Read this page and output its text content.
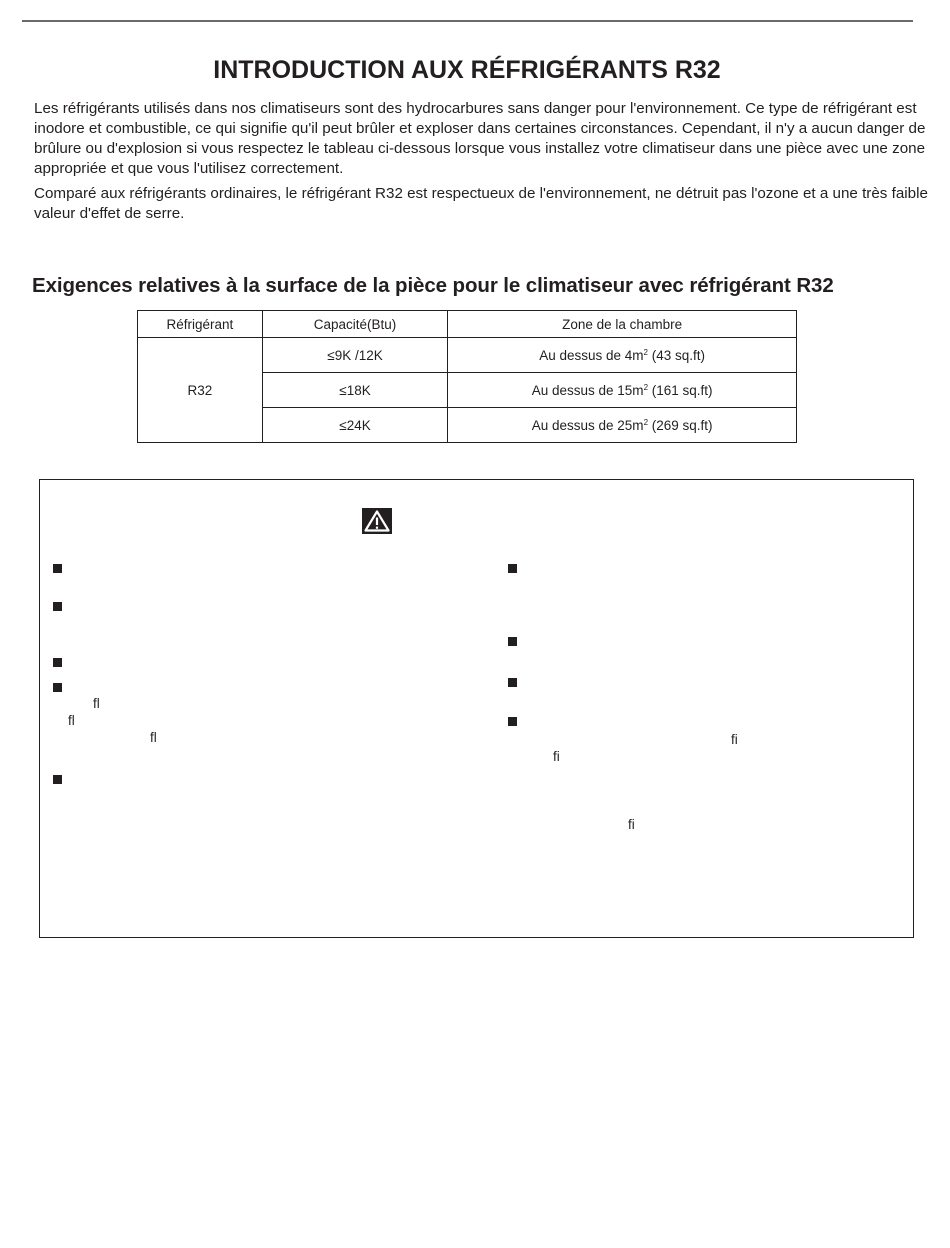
INTRODUCTION AUX RÉFRIGÉRANTS R32

Les réfrigérants utilisés dans nos climatiseurs sont des hydrocarbures sans danger pour l'environnement. Ce type de réfrigérant est inodore et combustible, ce qui signifie qu'il peut brûler et exploser dans certaines circonstances. Cependant, il n'y a aucun danger de brûlure ou d'explosion si vous respectez le tableau ci-dessous lorsque vous installez votre climatiseur dans une pièce avec une zone appropriée et que vous l'utilisez correctement.

Comparé aux réfrigérants ordinaires, le réfrigérant R32 est respectueux de l'environnement, ne détruit pas l'ozone et a une très faible valeur d'effet de serre.

Exigences relatives à la surface de la pièce pour le climatiseur avec réfrigérant R32
Réfrigérant	Capacité(Btu)	Zone de la chambre
R32	≤9K /12K	Au dessus de $4m^2$ (43 sq.ft)
	≤18K	Au dessus de $15m^2$ (161 sq.ft)
	≤24K	Au dessus de $25m^2$ (269 sq.ft)
ﬂ
ﬂ
ﬂ	ﬁ
ﬁ
ﬁ
